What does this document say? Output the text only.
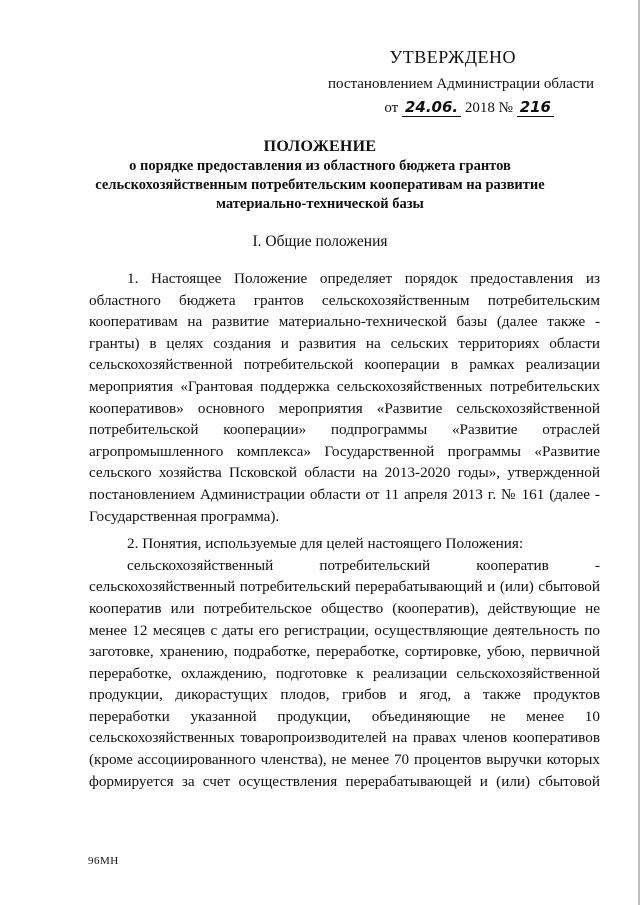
УТВЕРЖДЕНО
постановлением Администрации области
от 24.06. 2018 № 216
ПОЛОЖЕНИЕ
о порядке предоставления из областного бюджета грантов
сельскохозяйственным потребительским кооперативам на развитие
материально-технической базы
I. Общие положения

1. Настоящее Положение определяет порядок предоставления из областного бюджета грантов сельскохозяйственным потребительским кооперативам на развитие материально-технической базы (далее также - гранты) в целях создания и развития на сельских территориях области сельскохозяйственной потребительской кооперации в рамках реализации мероприятия «Грантовая поддержка сельскохозяйственных потребительских кооперативов» основного мероприятия «Развитие сельскохозяйственной потребительской кооперации» подпрограммы «Развитие отраслей агропромышленного комплекса» Государственной программы «Развитие сельского хозяйства Псковской области на 2013-2020 годы», утвержденной постановлением Администрации области от 11 апреля 2013 г. № 161 (далее - Государственная программа).

2. Понятия, используемые для целей настоящего Положения:

сельскохозяйственный потребительский кооператив - сельскохозяйственный потребительский перерабатывающий и (или) сбытовой кооператив или потребительское общество (кооператив), действующие не менее 12 месяцев с даты его регистрации, осуществляющие деятельность по заготовке, хранению, подработке, переработке, сортировке, убою, первичной переработке, охлаждению, подготовке к реализации сельскохозяйственной продукции, дикорастущих плодов, грибов и ягод, а также продуктов переработки указанной продукции, объединяющие не менее 10 сельскохозяйственных товаропроизводителей на правах членов кооперативов (кроме ассоциированного членства), не менее 70 процентов выручки которых формируется за счет осуществления перерабатывающей и (или) сбытовой

96МН
